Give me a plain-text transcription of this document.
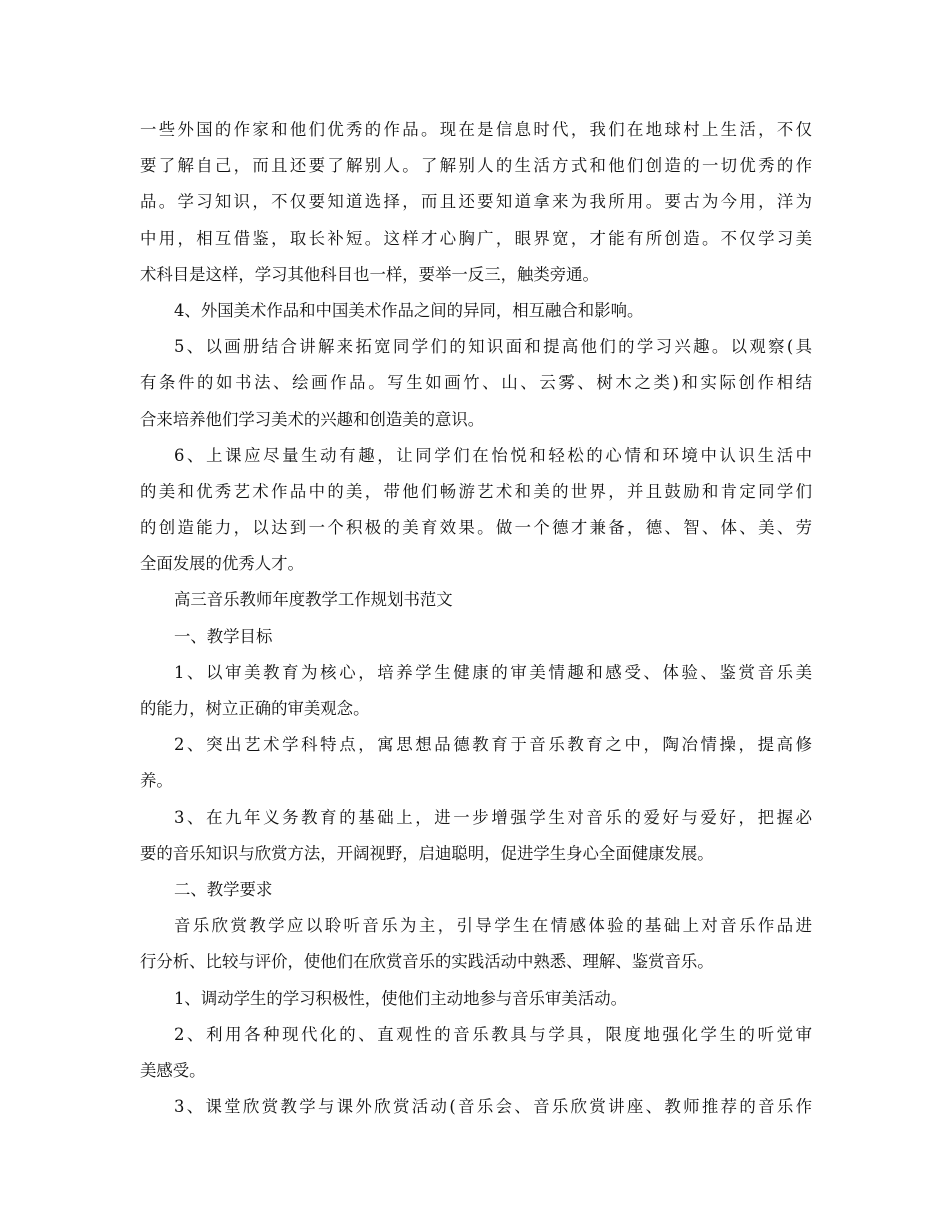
一些外国的作家和他们优秀的作品。现在是信息时代，我们在地球村上生活，不仅
要了解自己，而且还要了解别人。了解别人的生活方式和他们创造的一切优秀的作
品。学习知识，不仅要知道选择，而且还要知道拿来为我所用。要古为今用，洋为
中用，相互借鉴，取长补短。这样才心胸广，眼界宽，才能有所创造。不仅学习美
术科目是这样，学习其他科目也一样，要举一反三，触类旁通。
4、外国美术作品和中国美术作品之间的异同，相互融合和影响。
5、以画册结合讲解来拓宽同学们的知识面和提高他们的学习兴趣。以观察(具
有条件的如书法、绘画作品。写生如画竹、山、云雾、树木之类)和实际创作相结
合来培养他们学习美术的兴趣和创造美的意识。
6、上课应尽量生动有趣，让同学们在怡悦和轻松的心情和环境中认识生活中
的美和优秀艺术作品中的美，带他们畅游艺术和美的世界，并且鼓励和肯定同学们
的创造能力，以达到一个积极的美育效果。做一个德才兼备，德、智、体、美、劳
全面发展的优秀人才。
高三音乐教师年度教学工作规划书范文
一、教学目标
1、以审美教育为核心，培养学生健康的审美情趣和感受、体验、鉴赏音乐美
的能力，树立正确的审美观念。
2、突出艺术学科特点，寓思想品德教育于音乐教育之中，陶冶情操，提高修
养。
3、在九年义务教育的基础上，进一步增强学生对音乐的爱好与爱好，把握必
要的音乐知识与欣赏方法，开阔视野，启迪聪明，促进学生身心全面健康发展。
二、教学要求
音乐欣赏教学应以聆听音乐为主，引导学生在情感体验的基础上对音乐作品进
行分析、比较与评价，使他们在欣赏音乐的实践活动中熟悉、理解、鉴赏音乐。
1、调动学生的学习积极性，使他们主动地参与音乐审美活动。
2、利用各种现代化的、直观性的音乐教具与学具，限度地强化学生的听觉审
美感受。
3、课堂欣赏教学与课外欣赏活动(音乐会、音乐欣赏讲座、教师推荐的音乐作
